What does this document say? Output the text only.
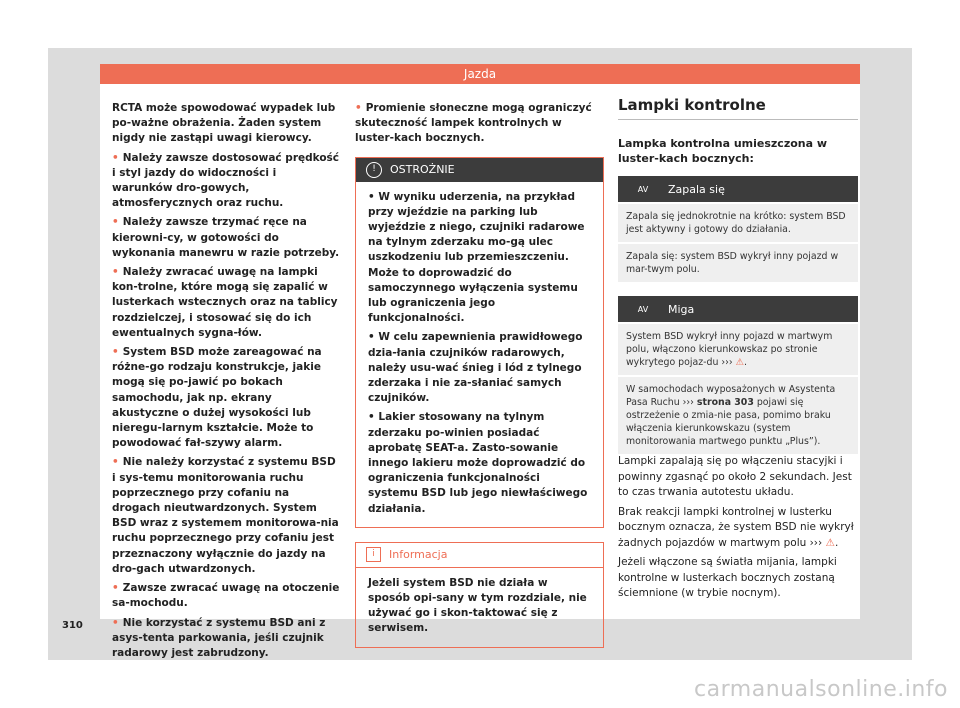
Jazda

RCTA może spowodować wypadek lub po-ważne obrażenia. Żaden system nigdy nie zastąpi uwagi kierowcy.

• Należy zawsze dostosować prędkość i styl jazdy do widoczności i warunków dro-gowych, atmosferycznych oraz ruchu.

• Należy zawsze trzymać ręce na kierowni-cy, w gotowości do wykonania manewru w razie potrzeby.

• Należy zwracać uwagę na lampki kon-trolne, które mogą się zapalić w lusterkach wstecznych oraz na tablicy rozdzielczej, i stosować się do ich ewentualnych sygna-łów.

• System BSD może zareagować na różne-go rodzaju konstrukcje, jakie mogą się po-jawić po bokach samochodu, jak np. ekrany akustyczne o dużej wysokości lub nieregu-larnym kształcie. Może to powodować fał-szywy alarm.

• Nie należy korzystać z systemu BSD i sys-temu monitorowania ruchu poprzecznego przy cofaniu na drogach nieutwardzonych. System BSD wraz z systemem monitorowa-nia ruchu poprzecznego przy cofaniu jest przeznaczony wyłącznie do jazdy na dro-gach utwardzonych.

• Zawsze zwracać uwagę na otoczenie sa-mochodu.

• Nie korzystać z systemu BSD ani z asys-tenta parkowania, jeśli czujnik radarowy jest zabrudzony.

• Promienie słoneczne mogą ograniczyć skuteczność lampek kontrolnych w luster-kach bocznych.

! OSTROŻNIE

• W wyniku uderzenia, na przykład przy wjeździe na parking lub wyjeździe z niego, czujniki radarowe na tylnym zderzaku mo-gą ulec uszkodzeniu lub przemieszczeniu. Może to doprowadzić do samoczynnego wyłączenia systemu lub ograniczenia jego funkcjonalności.

• W celu zapewnienia prawidłowego dzia-łania czujników radarowych, należy usu-wać śnieg i lód z tylnego zderzaka i nie za-słaniać samych czujników.

• Lakier stosowany na tylnym zderzaku po-winien posiadać aprobatę SEAT-a. Zasto-sowanie innego lakieru może doprowadzić do ograniczenia funkcjonalności systemu BSD lub jego niewłaściwego działania.

i Informacja

Jeżeli system BSD nie działa w sposób opi-sany w tym rozdziale, nie używać go i skon-taktować się z serwisem.

Lampki kontrolne
Lampka kontrolna umieszczona w luster-kach bocznych:
AV	Zapala się
Zapala się jednokrotnie na krótko: system BSD jest aktywny i gotowy do działania.
Zapala się: system BSD wykrył inny pojazd w mar-twym polu.
AV	Miga
System BSD wykrył inny pojazd w martwym polu, włączono kierunkowskaz po stronie wykrytego pojaz-du ››› ⚠.
W samochodach wyposażonych w Asystenta Pasa Ruchu ››› strona 303 pojawi się ostrzeżenie o zmia-nie pasa, pomimo braku włączenia kierunkowskazu (system monitorowania martwego punktu „Plus”).

Lampki zapalają się po włączeniu stacyjki i powinny zgasnąć po około 2 sekundach. Jest to czas trwania autotestu układu.

Brak reakcji lampki kontrolnej w lusterku bocznym oznacza, że system BSD nie wykrył żadnych pojazdów w martwym polu ››› ⚠.

Jeżeli włączone są światła mijania, lampki kontrolne w lusterkach bocznych zostaną ściemnione (w trybie nocnym).

310
carmanualsonline.info
